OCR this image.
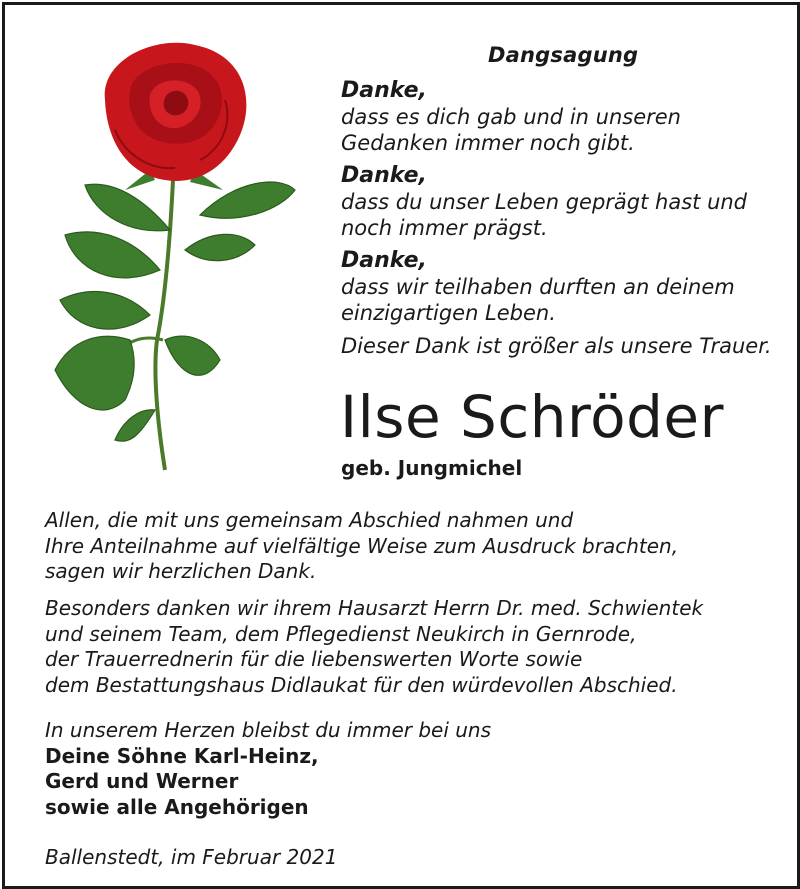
Dangsagung
Danke,
dass es dich gab und in unseren
Gedanken immer noch gibt.
Danke,
dass du unser Leben geprägt hast und
noch immer prägst.
Danke,
dass wir teilhaben durften an deinem
einzigartigen Leben.
Dieser Dank ist größer als unsere Trauer.
Ilse Schröder
geb. Jungmichel
Allen, die mit uns gemeinsam Abschied nahmen und
Ihre Anteilnahme auf vielfältige Weise zum Ausdruck brachten,
sagen wir herzlichen Dank.
Besonders danken wir ihrem Hausarzt Herrn Dr. med. Schwientek
und seinem Team, dem Pflegedienst Neukirch in Gernrode,
der Trauerrednerin für die liebenswerten Worte sowie
dem Bestattungshaus Didlaukat für den würdevollen Abschied.
In unserem Herzen bleibst du immer bei uns
Deine Söhne Karl-Heinz,
Gerd und Werner
sowie alle Angehörigen
Ballenstedt, im Februar 2021
